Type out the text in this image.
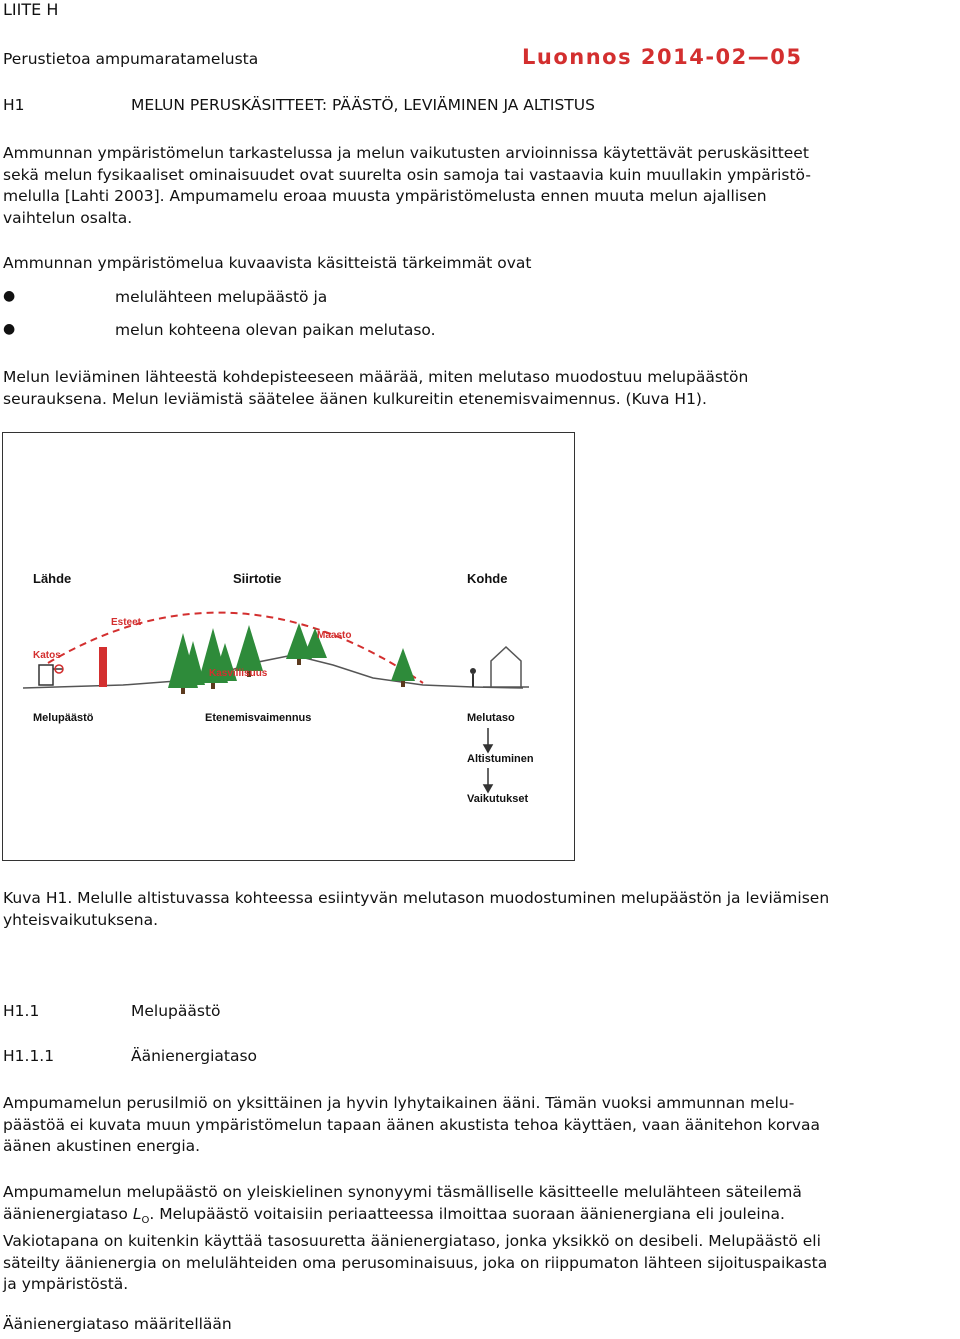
LIITE H
Perustietoa ampumaratamelusta	Luonnos 2014-02—05
H1	MELUN PERUSKÄSITTEET: PÄÄSTÖ, LEVIÄMINEN JA ALTISTUS
Ammunnan ympäristömelun tarkastelussa ja melun vaikutusten arvioinnissa käytettävät peruskäsitteet
sekä melun fysikaaliset ominaisuudet ovat suurelta osin samoja tai vastaavia kuin muullakin ympäristö-
melulla [Lahti 2003]. Ampumamelu eroaa muusta ympäristömelusta ennen muuta melun ajallisen
vaihtelun osalta.
Ammunnan ympäristömelua kuvaavista käsitteistä tärkeimmät ovat
●	melulähteen melupäästö ja
●	melun kohteena olevan paikan melutaso.
Melun leviäminen lähteestä kohdepisteeseen määrää, miten melutaso muodostuu melupäästön
seurauksena. Melun leviämistä säätelee äänen kulkureitin etenemisvaimennus. (Kuva H1).
Lähde	Siirtotie	Kohde
Esteet
Maasto
Katos
Kasvillisuus
Melupäästö	Etenemisvaimennus	Melutaso
Altistuminen
Vaikutukset
Kuva H1. Melulle altistuvassa kohteessa esiintyvän melutason muodostuminen melupäästön ja leviämisen
yhteisvaikutuksena.
H1.1	Melupäästö
H1.1.1	Äänienergiataso
Ampumamelun perusilmiö on yksittäinen ja hyvin lyhytaikainen ääni. Tämän vuoksi ammunnan melu-
päästöä ei kuvata muun ympäristömelun tapaan äänen akustista tehoa käyttäen, vaan äänitehon korvaa
äänen akustinen energia.
Ampumamelun melupäästö on yleiskielinen synonyymi täsmälliselle käsitteelle melulähteen säteilemä
äänienergiataso $L_O$. Melupäästö voitaisiin periaatteessa ilmoittaa suoraan äänienergiana eli jouleina.
Vakiotapana on kuitenkin käyttää tasosuuretta äänienergiataso, jonka yksikkö on desibeli. Melupäästö eli
säteilty äänienergia on melulähteiden oma perusominaisuus, joka on riippumaton lähteen sijoituspaikasta
ja ympäristöstä.
Äänienergiataso määritellään
